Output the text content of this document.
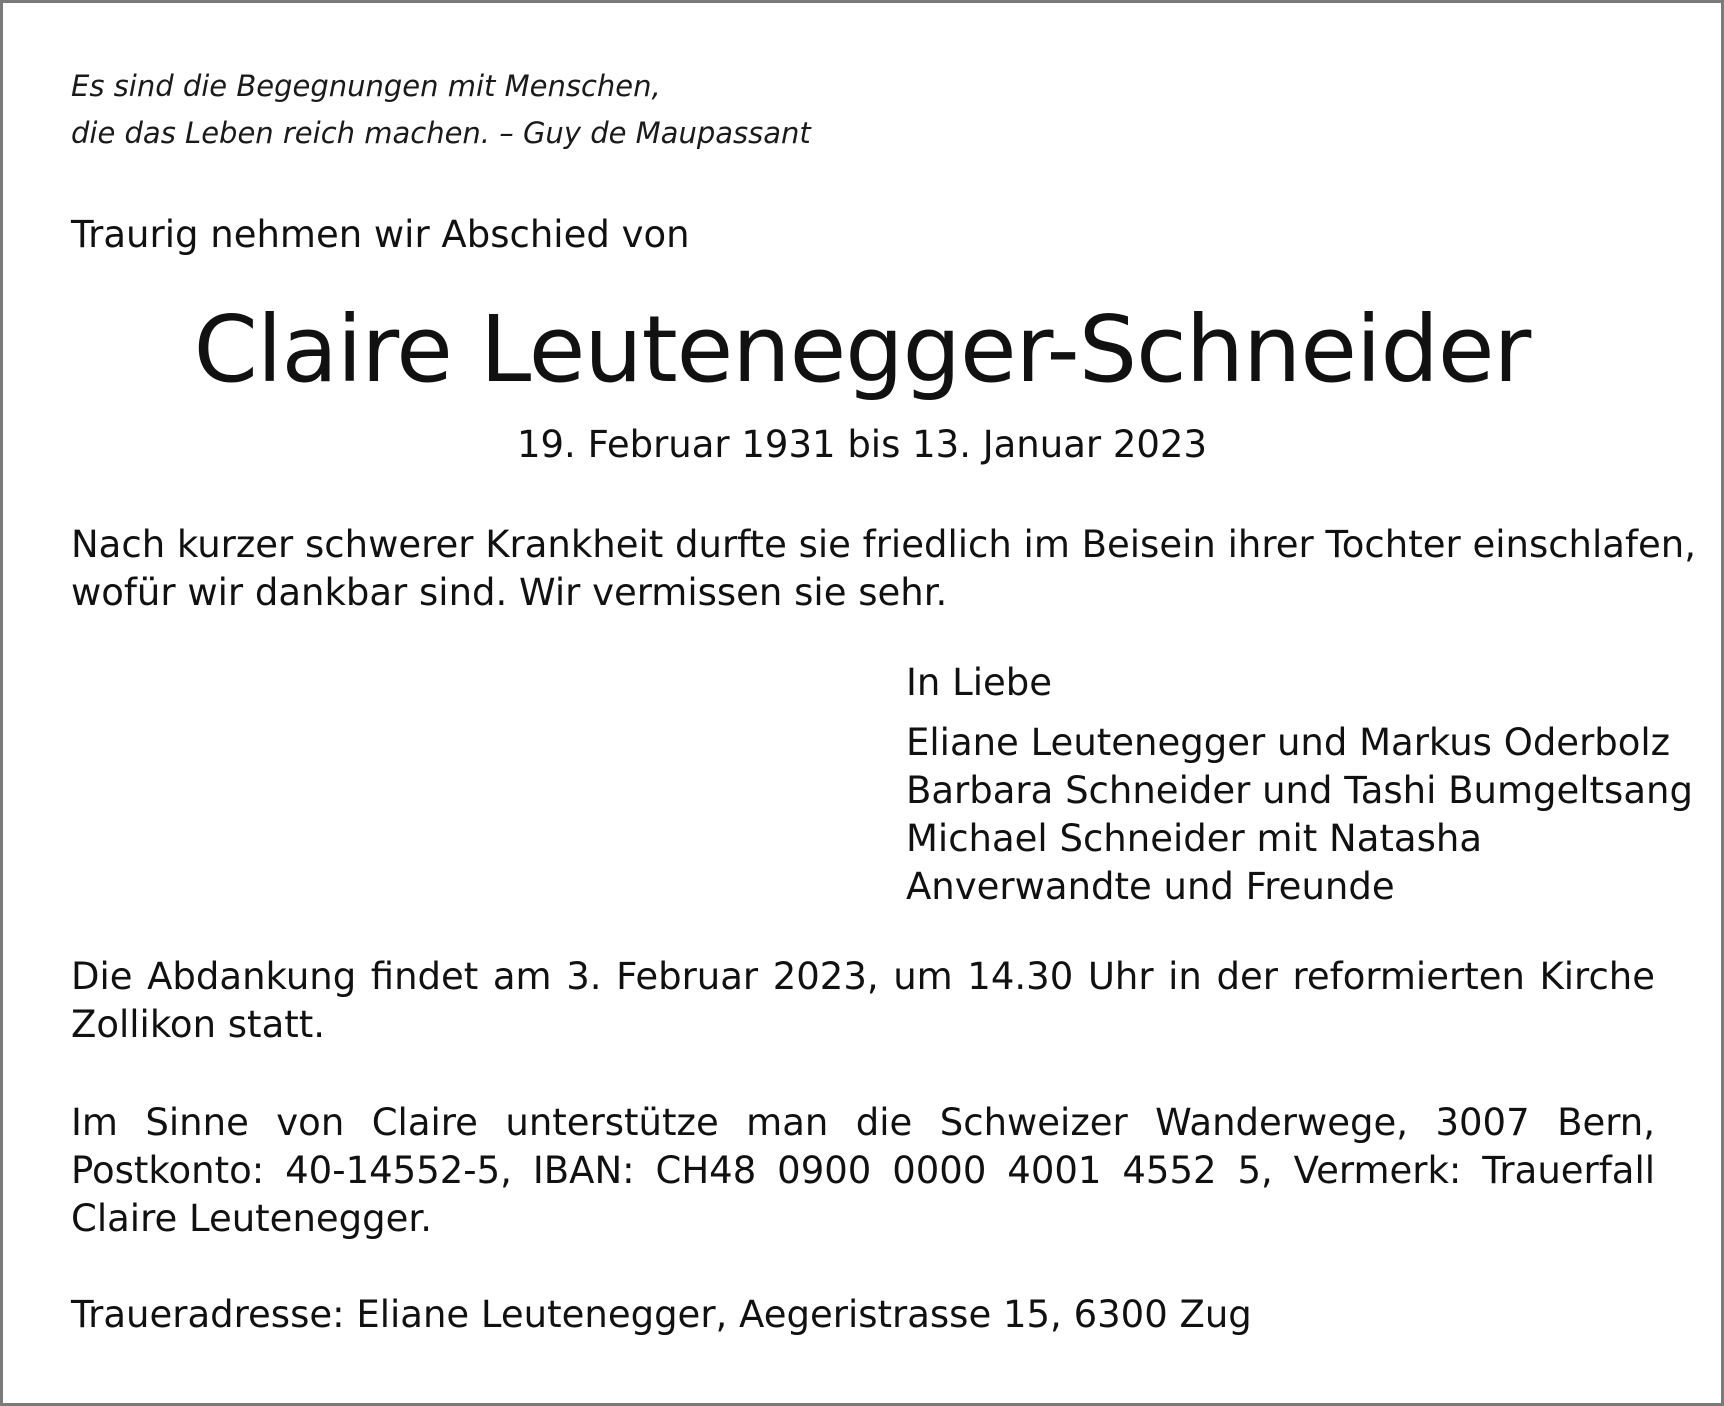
Es sind die Begegnungen mit Menschen,
die das Leben reich machen. – Guy de Maupassant
Traurig nehmen wir Abschied von
Claire Leutenegger-Schneider
19. Februar 1931 bis 13. Januar 2023
Nach kurzer schwerer Krankheit durfte sie friedlich im Beisein ihrer Tochter einschlafen,
wofür wir dankbar sind. Wir vermissen sie sehr.
In Liebe
Eliane Leutenegger und Markus Oderbolz
Barbara Schneider und Tashi Bumgeltsang
Michael Schneider mit Natasha
Anverwandte und Freunde
Die Abdankung findet am 3. Februar 2023, um 14.30 Uhr in der reformierten Kirche Zollikon statt.
Im Sinne von Claire unterstütze man die Schweizer Wanderwege, 3007 Bern, Postkonto: 40-14552-5, IBAN: CH48 0900 0000 4001 4552 5, Vermerk: Trauerfall Claire Leutenegger.
Traueradresse: Eliane Leutenegger, Aegeristrasse 15, 6300 Zug
